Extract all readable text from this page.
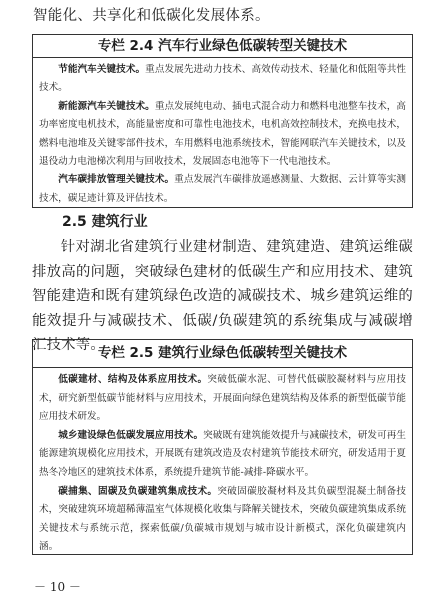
智能化、共享化和低碳化发展体系。
专栏 2.4 汽车行业绿色低碳转型关键技术

节能汽车关键技术。重点发展先进动力技术、高效传动技术、轻量化和低阻等共性技术。

新能源汽车关键技术。重点发展纯电动、插电式混合动力和燃料电池整车技术，高功率密度电机技术，高能量密度和可靠性电池技术，电机高效控制技术，充换电技术，燃料电池堆及关键零部件技术，车用燃料电池系统技术，智能网联汽车关键技术，以及退役动力电池梯次利用与回收技术，发展固态电池等下一代电池技术。

汽车碳排放管理关键技术。重点发展汽车碳排放遥感测量、大数据、云计算等实测技术，碳足迹计算及评估技术。

2.5 建筑行业

针对湖北省建筑行业建材制造、建筑建造、建筑运维碳排放高的问题，突破绿色建材的低碳生产和应用技术、建筑智能建造和既有建筑绿色改造的减碳技术、城乡建筑运维的能效提升与减碳技术、低碳/负碳建筑的系统集成与减碳增汇技术等。

专栏 2.5 建筑行业绿色低碳转型关键技术

低碳建材、结构及体系应用技术。突破低碳水泥、可替代低碳胶凝材料与应用技术，研究新型低碳节能材料与应用技术，开展面向绿色建筑结构及体系的新型低碳节能应用技术研发。

城乡建设绿色低碳发展应用技术。突破既有建筑能效提升与减碳技术，研发可再生能源建筑规模化应用技术，开展既有建筑改造及农村建筑节能技术研究，研发适用于夏热冬冷地区的建筑技术体系，系统提升建筑节能-减排-降碳水平。

碳捕集、固碳及负碳建筑集成技术。突破固碳胶凝材料及其负碳型混凝土制备技术，突破建筑环境超稀薄温室气体规模化收集与降解关键技术，突破负碳建筑集成系统关键技术与系统示范，探索低碳/负碳城市规划与城市设计新模式，深化负碳建筑内涵。

－ 10 －
